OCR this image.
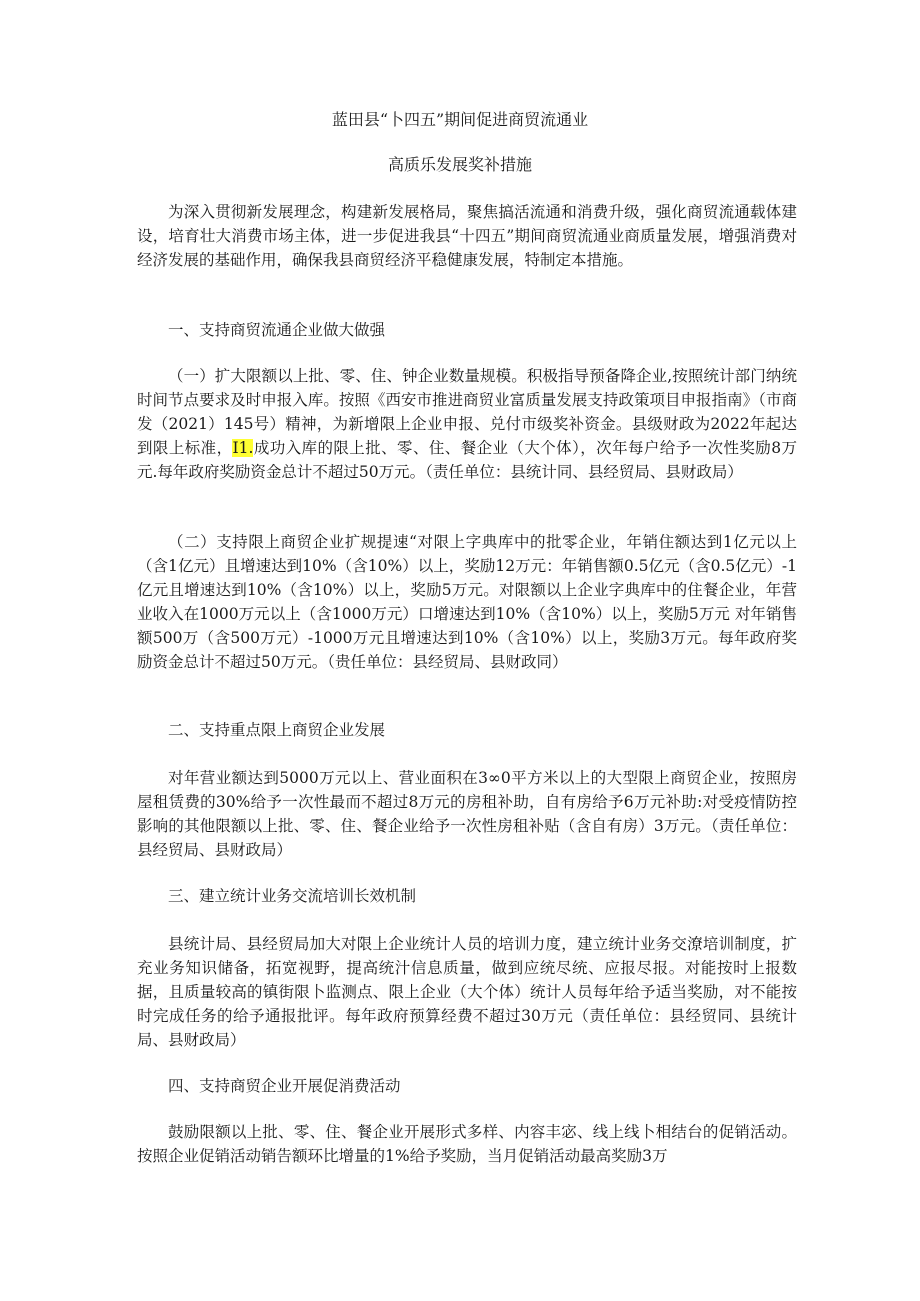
蓝田县“卜四五”期间促进商贸流通业
高质乐发展奖补措施

为深入贯彻新发展理念，构建新发展格局，聚焦搞活流通和消费升级，强化商贸流通载体建设，培育壮大消费市场主体，进一步促进我县“十四五”期间商贸流通业商质量发展，增强消费对经济发展的基础作用，确保我县商贸经济平稳健康发展，特制定本措施。

一、支持商贸流通企业做大做强

（一）扩大限额以上批、零、住、钟企业数量规模。积极指导预备降企业,按照统计部门纳统时间节点要求及时申报入库。按照《西安市推进商贸业富质量发展支持政策项目申报指南》（市商发（2021）145号）精神，为新增限上企业申报、兑付市级奖补资金。县级财政为2022年起达到限上标准，I1.成功入库的限上批、零、住、餐企业（大个体），次年每户给予一次性奖励8万元.每年政府奖励资金总计不超过50万元。（责任单位：县统计同、县经贸局、县财政局）

（二）支持限上商贸企业扩规提速“对限上字典库中的批零企业，年销住额达到1亿元以上（含1亿元）且增速达到10%（含10%）以上，奖励12万元：年销售额0.5亿元（含0.5亿元）-1亿元且增速达到10%（含10%）以上，奖励5万元。对限额以上企业字典库中的住餐企业，年营业收入在1000万元以上（含1000万元）口增速达到10%（含10%）以上，奖励5万元 对年销售额500万（含500万元）-1000万元且增速达到10%（含10%）以上，奖励3万元。每年政府奖励资金总计不超过50万元。（贵任单位：县经贸局、县财政同）

二、支持重点限上商贸企业发展

对年营业额达到5000万元以上、营业面积在3∞0平方米以上的大型限上商贸企业，按照房屋租赁费的30%给予一次性最而不超过8万元的房租补助，自有房给予6万元补助:对受疫情防控影响的其他限额以上批、零、住、餐企业给予一次性房租补贴（含自有房）3万元。（责任单位：县经贸局、县财政局）

三、建立统计业务交流培训长效机制

县统计局、县经贸局加大对限上企业统计人员的培训力度，建立统计业务交潦培训制度，扩充业务知识储备，拓宽视野，提高统汁信息质量，做到应统尽统、应报尽报。对能按时上报数据，且质量较高的镇街限卜监测点、限上企业（大个体）统计人员每年给予适当奖励，对不能按时完成任务的给予通报批评。每年政府预算经费不超过30万元（责任单位：县经贸同、县统计局、县财政局）

四、支持商贸企业开展促消费活动

鼓励限额以上批、零、住、餐企业开展形式多样、内容丰宓、线上线卜相结台的促销活动。按照企业促销活动销告额环比增量的1%给予奖励，当月促销活动最高奖励3万
